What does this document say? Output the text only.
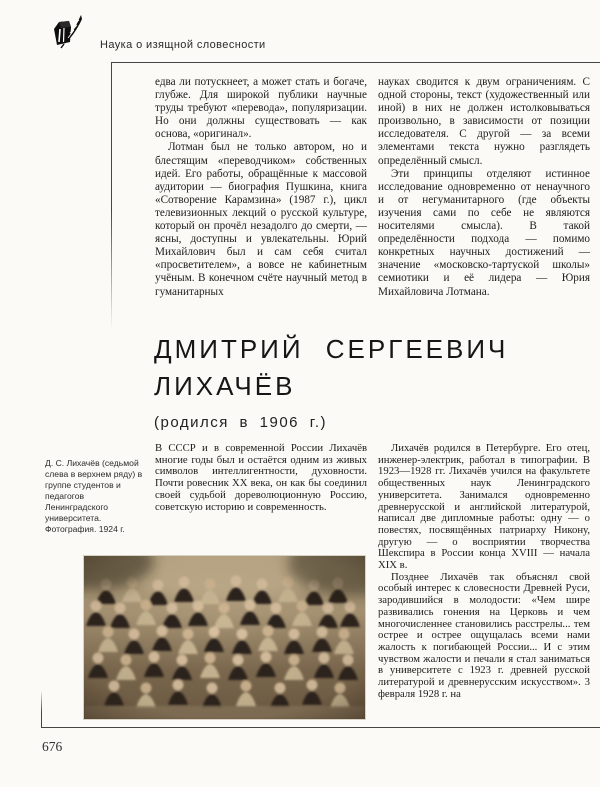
Наука о изящной словесности

едва ли потускнеет, а может стать и богаче, глубже. Для широкой публики научные труды требуют «перевода», популяризации. Но они должны существовать — как основа, «оригинал».

Лотман был не только автором, но и блестящим «переводчиком» собственных идей. Его работы, обращённые к массовой аудитории — биография Пушкина, книга «Сотворение Карамзина» (1987 г.), цикл телевизионных лекций о русской культуре, который он прочёл незадолго до смерти, — ясны, доступны и увлекательны. Юрий Михайлович был и сам себя считал «просветителем», а вовсе не кабинетным учёным. В конечном счёте научный метод в гуманитарных

науках сводится к двум ограничениям. С одной стороны, текст (художественный или иной) в них не должен истолковываться произвольно, в зависимости от позиции исследователя. С другой — за всеми элементами текста нужно разглядеть определённый смысл.

Эти принципы отделяют истинное исследование одновременно от ненаучного и от негуманитарного (где объекты изучения сами по себе не являются носителями смысла). В такой определённости подхода — помимо конкретных научных достижений — значение «московско-тартуской школы» семиотики и её лидера — Юрия Михайловича Лотмана.

ДМИТРИЙ СЕРГЕЕВИЧ
ЛИХАЧЁВ
(родился в 1906 г.)
Д. С. Лихачёв (седьмой слева в верхнем ряду) в группе студентов и педагогов Ленинградского университета. Фотография. 1924 г.

В СССР и в современной России Лихачёв многие годы был и остаётся одним из живых символов интеллигентности, духовности. Почти ровесник XX века, он как бы соединил своей судьбой дореволюционную Россию, советскую историю и современность.

Лихачёв родился в Петербурге. Его отец, инженер-электрик, работал в типографии. В 1923—1928 гг. Лихачёв учился на факультете общественных наук Ленинградского университета. Занимался одновременно древнерусской и английской литературой, написал две дипломные работы: одну — о повестях, посвящённых патриарху Никону, другую — о восприятии творчества Шекспира в России конца XVIII — начала XIX в.

Позднее Лихачёв так объяснял свой особый интерес к словесности Древней Руси, зародившийся в молодости: «Чем шире развивались гонения на Церковь и чем многочисленнее становились расстрелы... тем острее и острее ощущалась всеми нами жалость к погибающей России... И с этим чувством жалости и печали я стал заниматься в университете с 1923 г. древней русской литературой и древнерусским искусством». 3 февраля 1928 г. на

676
